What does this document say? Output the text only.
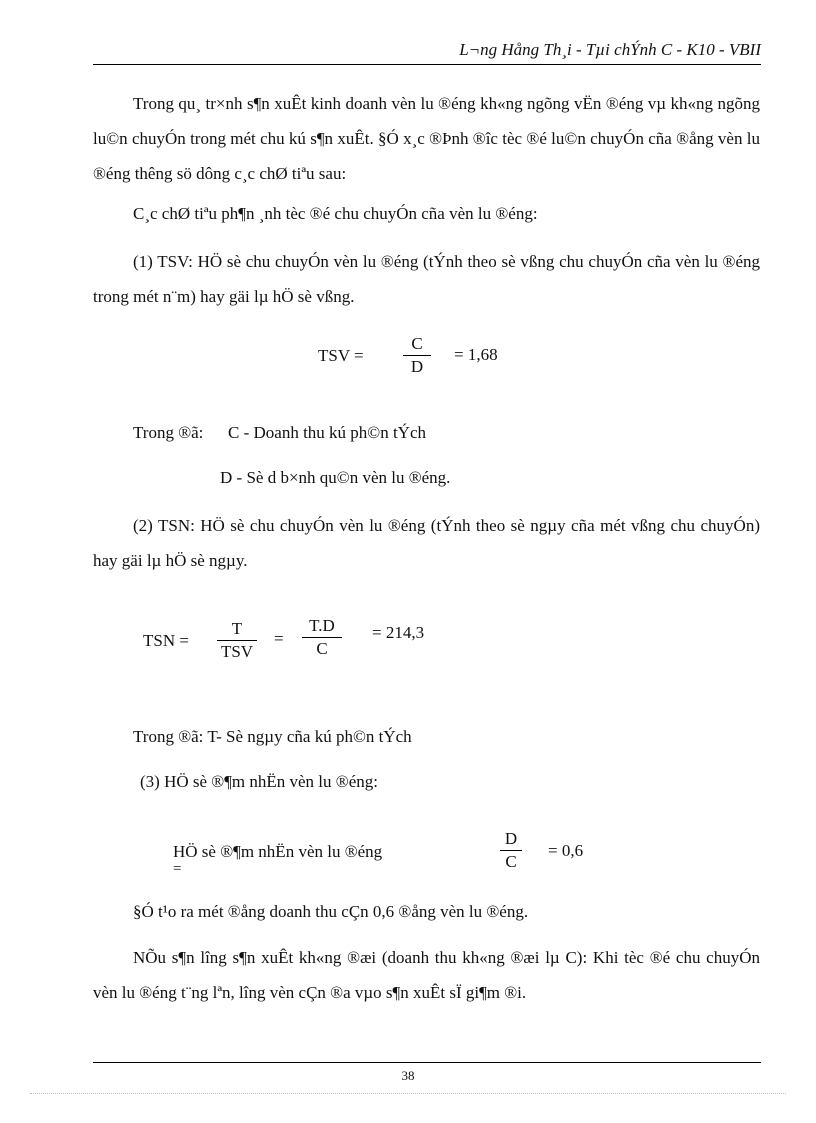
L¬ng Hång Th¸i - Tµi chÝnh C - K10 - VBII

Trong qu¸ tr×nh s¶n xuÊt kinh doanh vèn lu ®éng kh«ng ngõng vËn ®éng vµ kh«ng ngõng lu©n chuyÓn trong mét chu kú s¶n xuÊt. §Ó x¸c ®Þnh ®îc tèc ®é lu©n chuyÓn cña ®ång vèn lu ®éng thêng sö dông c¸c chØ tiªu sau:

C¸c chØ tiªu ph¶n ¸nh tèc ®é chu chuyÓn cña vèn lu ®éng:

(1) TSV: HÖ sè chu chuyÓn vèn lu ®éng (tÝnh theo sè vßng chu chuyÓn cña vèn lu ®éng trong mét n¨m) hay gäi lµ hÖ sè vßng.

TSV = $\frac{C}{D} = 1,68$
Trong ®ã: C - Doanh thu kú ph©n tÝch
D - Sè d b×nh qu©n vèn lu ®éng.

(2) TSN: HÖ sè chu chuyÓn vèn lu ®éng (tÝnh theo sè ngµy cña mét vßng chu chuyÓn) hay gäi lµ hÖ sè ngµy.

TSN =
T
TSV
= $\frac{T.D}{C} = 214,3$
Trong ®ã: T- Sè ngµy cña kú ph©n tÝch
(3) HÖ sè ®¶m nhËn vèn lu ®éng:
HÖ sè ®¶m nhËn vèn lu ®éng
=	$\frac{D}{C} = 0,6$

§Ó t¹o ra mét ®ång doanh thu cÇn 0,6 ®ång vèn lu ®éng.

NÕu s¶n lîng s¶n xuÊt kh«ng ®æi (doanh thu kh«ng ®æi lµ C): Khi tèc ®é chu chuyÓn vèn lu ®éng t¨ng lªn, lîng vèn cÇn ®a vµo s¶n xuÊt sÏ gi¶m ®i.

38
